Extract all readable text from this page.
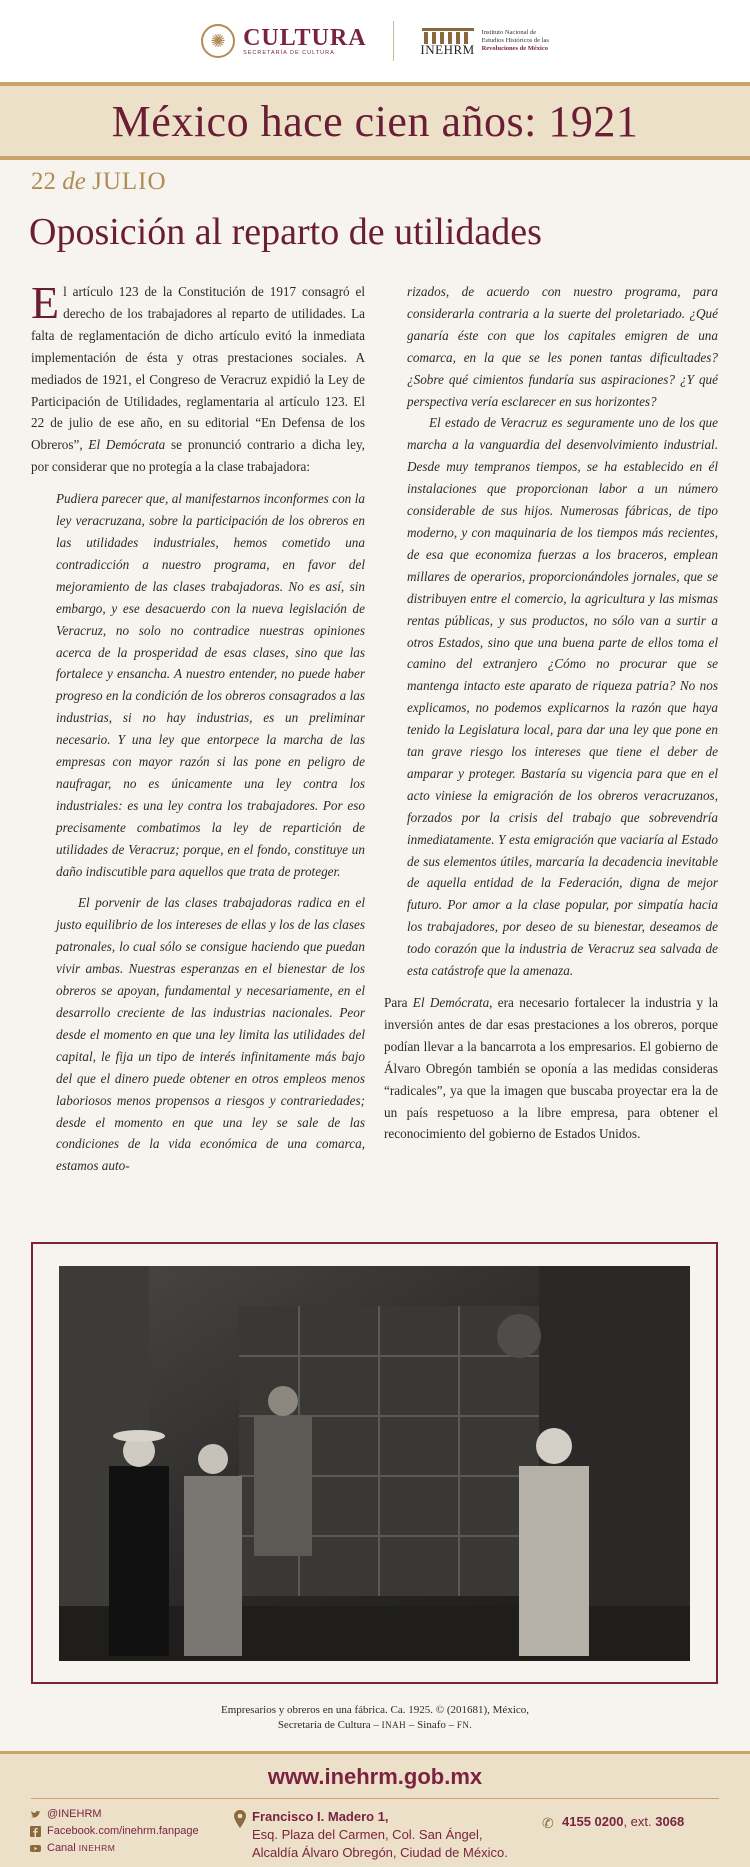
✺ CULTURA
SECRETARÍA DE CULTURA	INEHRM
Instituto Nacional de
Estudios Históricos de las
Revoluciones de México
México hace cien años: 1921
22 de JULIO
Oposición al reparto de utilidades

El artículo 123 de la Constitución de 1917 consagró el derecho de los trabajadores al reparto de utilidades. La falta de reglamentación de dicho artículo evitó la inmediata implementación de ésta y otras prestaciones sociales. A mediados de 1921, el Congreso de Veracruz expidió la Ley de Participación de Utilidades, reglamentaria al artículo 123. El 22 de julio de ese año, en su editorial “En Defensa de los Obreros”, El Demócrata se pronunció contrario a dicha ley, por considerar que no protegía a la clase trabajadora:

Pudiera parecer que, al manifestarnos inconformes con la ley veracruzana, sobre la participación de los obreros en las utilidades industriales, hemos cometido una contradicción a nuestro programa, en favor del mejoramiento de las clases trabajadoras. No es así, sin embargo, y ese desacuerdo con la nueva legislación de Veracruz, no solo no contradice nuestras opiniones acerca de la prosperidad de esas clases, sino que las fortalece y ensancha. A nuestro entender, no puede haber progreso en la condición de los obreros consagrados a las industrias, si no hay industrias, es un preliminar necesario. Y una ley que entorpece la marcha de las empresas con mayor razón si las pone en peligro de naufragar, no es únicamente una ley contra los industriales: es una ley contra los trabajadores. Por eso precisamente combatimos la ley de repartición de utilidades de Veracruz; porque, en el fondo, constituye un daño indiscutible para aquellos que trata de proteger.

El porvenir de las clases trabajadoras radica en el justo equilibrio de los intereses de ellas y los de las clases patronales, lo cual sólo se consigue haciendo que puedan vivir ambas. Nuestras esperanzas en el bienestar de los obreros se apoyan, fundamental y necesariamente, en el desarrollo creciente de las industrias nacionales. Peor desde el momento en que una ley limita las utilidades del capital, le fija un tipo de interés infinitamente más bajo del que el dinero puede obtener en otros empleos menos laboriosos menos propensos a riesgos y contrariedades; desde el momento en que una ley se sale de las condiciones de la vida económica de una comarca, estamos auto-

rizados, de acuerdo con nuestro programa, para considerarla contraria a la suerte del proletariado. ¿Qué ganaría éste con que los capitales emigren de una comarca, en la que se les ponen tantas dificultades? ¿Sobre qué cimientos fundaría sus aspiraciones? ¿Y qué perspectiva vería esclarecer en sus horizontes?

El estado de Veracruz es seguramente uno de los que marcha a la vanguardia del desenvolvimiento industrial. Desde muy tempranos tiempos, se ha establecido en él instalaciones que proporcionan labor a un número considerable de sus hijos. Numerosas fábricas, de tipo moderno, y con maquinaria de los tiempos más recientes, de esa que economiza fuerzas a los braceros, emplean millares de operarios, proporcionándoles jornales, que se distribuyen entre el comercio, la agricultura y las mismas rentas públicas, y sus productos, no sólo van a surtir a otros Estados, sino que una buena parte de ellos toma el camino del extranjero ¿Cómo no procurar que se mantenga intacto este aparato de riqueza patria? No nos explicamos, no podemos explicarnos la razón que haya tenido la Legislatura local, para dar una ley que pone en tan grave riesgo los intereses que tiene el deber de amparar y proteger. Bastaría su vigencia para que en el acto viniese la emigración de los obreros veracruzanos, forzados por la crisis del trabajo que sobrevendría inmediatamente. Y esta emigración que vaciaría al Estado de sus elementos útiles, marcaría la decadencia inevitable de aquella entidad de la Federación, digna de mejor futuro. Por amor a la clase popular, por simpatía hacia los trabajadores, por deseo de su bienestar, deseamos de todo corazón que la industria de Veracruz sea salvada de esta catástrofe que la amenaza.

Para El Demócrata, era necesario fortalecer la industria y la inversión antes de dar esas prestaciones a los obreros, porque podían llevar a la bancarrota a los empresarios. El gobierno de Álvaro Obregón también se oponía a las medidas consideras “radicales”, ya que la imagen que buscaba proyectar era la de un país respetuoso a la libre empresa, para obtener el reconocimiento del gobierno de Estados Unidos.

Empresarios y obreros en una fábrica. Ca. 1925. © (201681), México,
Secretaría de Cultura – INAH – Sinafo – FN.
www.inehrm.gob.mx
@INEHRM
Facebook.com/inehrm.fanpage
Canal INEHRM
Francisco I. Madero 1,
Esq. Plaza del Carmen, Col. San Ángel,
Alcaldía Álvaro Obregón, Ciudad de México.
✆ 4155 0200, ext. 3068
